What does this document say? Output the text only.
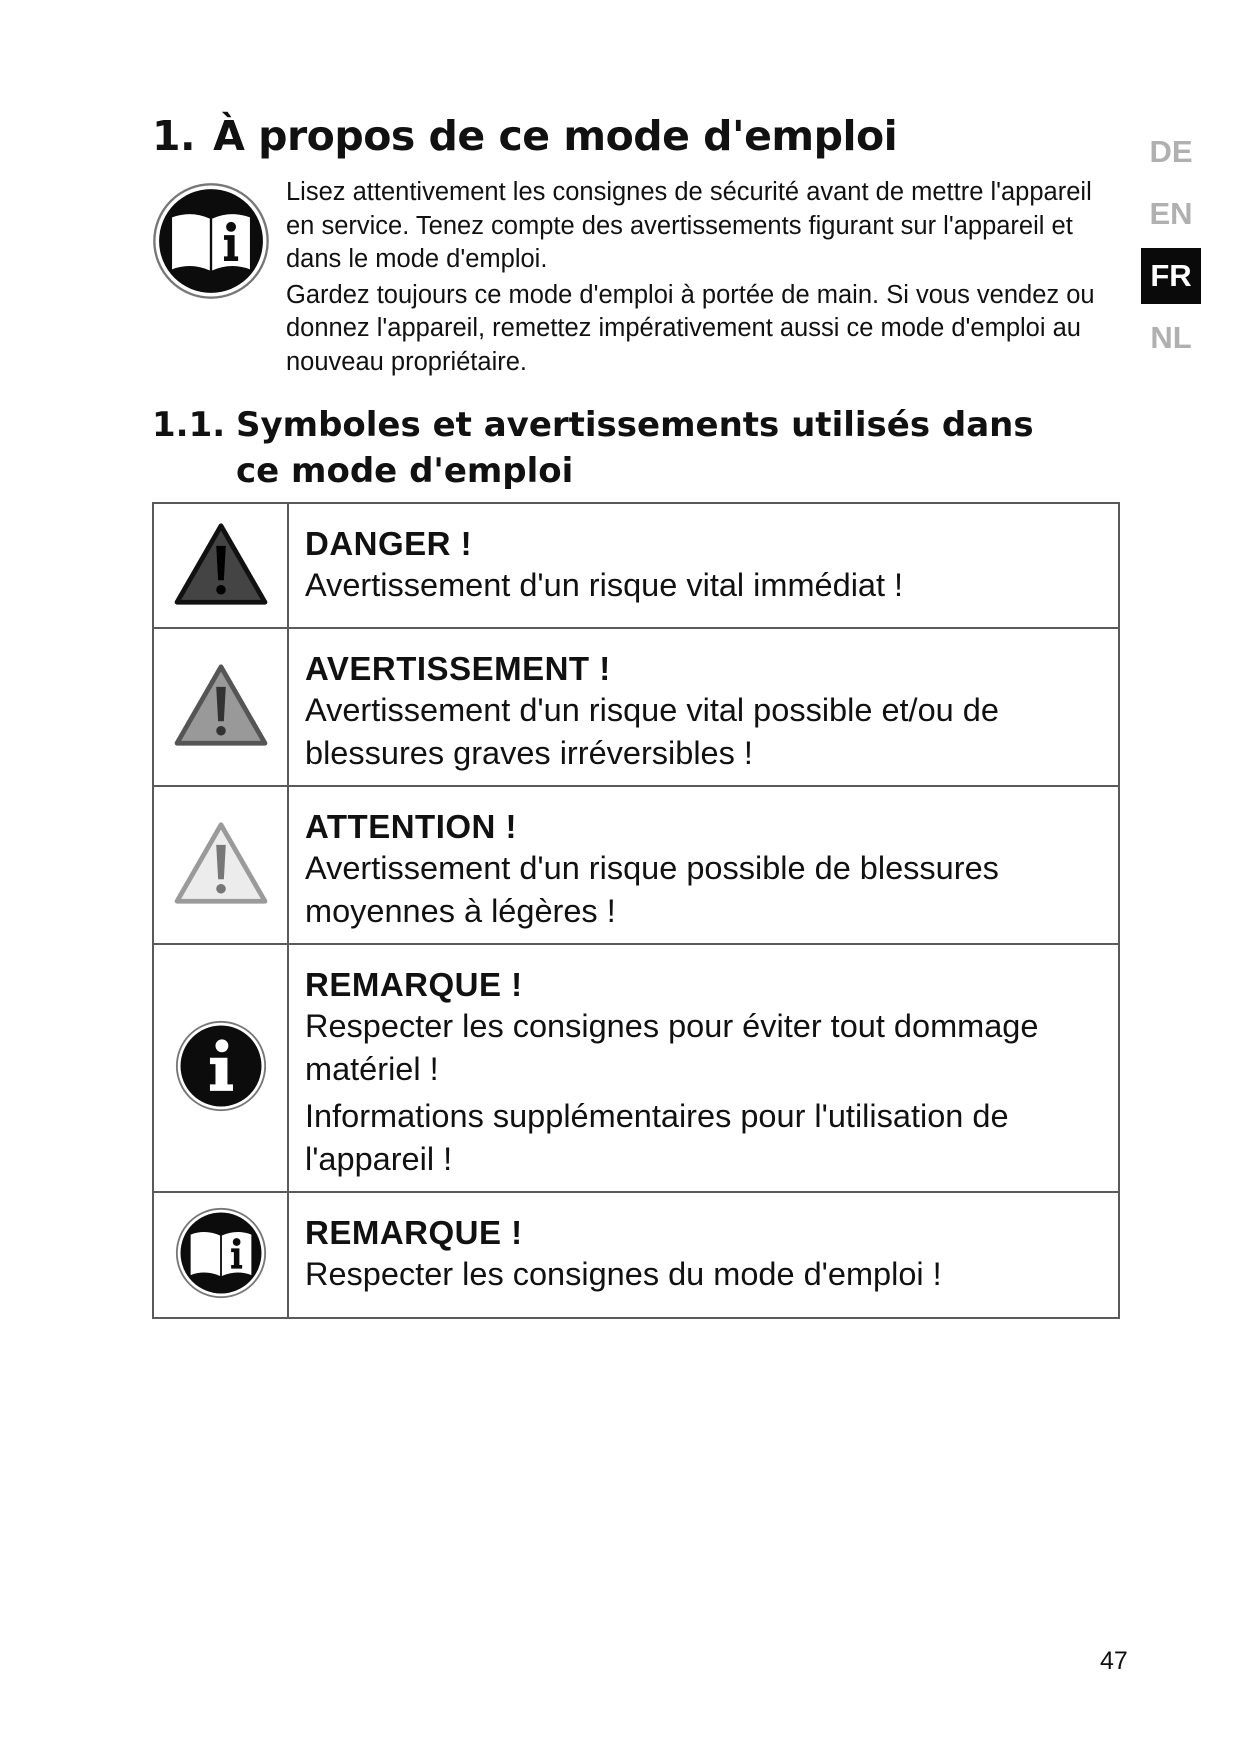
1. À propos de ce mode d'emploi

Lisez attentivement les consignes de sécurité avant de mettre l'appareil en service. Tenez compte des avertissements figurant sur l'appareil et dans le mode d'emploi.

Gardez toujours ce mode d'emploi à portée de main. Si vous vendez ou donnez l'appareil, remettez impérativement aussi ce mode d'emploi au nouveau propriétaire.

DE
EN
FR
NL
1.1. Symboles et avertissements utilisés dans ce mode d'emploi

DANGER !

Avertissement d'un risque vital immédiat !

AVERTISSEMENT !

Avertissement d'un risque vital possible et/ou de blessures graves irréversibles !

ATTENTION !

Avertissement d'un risque possible de blessures moyennes à légères !

REMARQUE !

Respecter les consignes pour éviter tout dommage matériel !

Informations supplémentaires pour l'utilisation de l'appareil !

REMARQUE !

Respecter les consignes du mode d'emploi !

47
